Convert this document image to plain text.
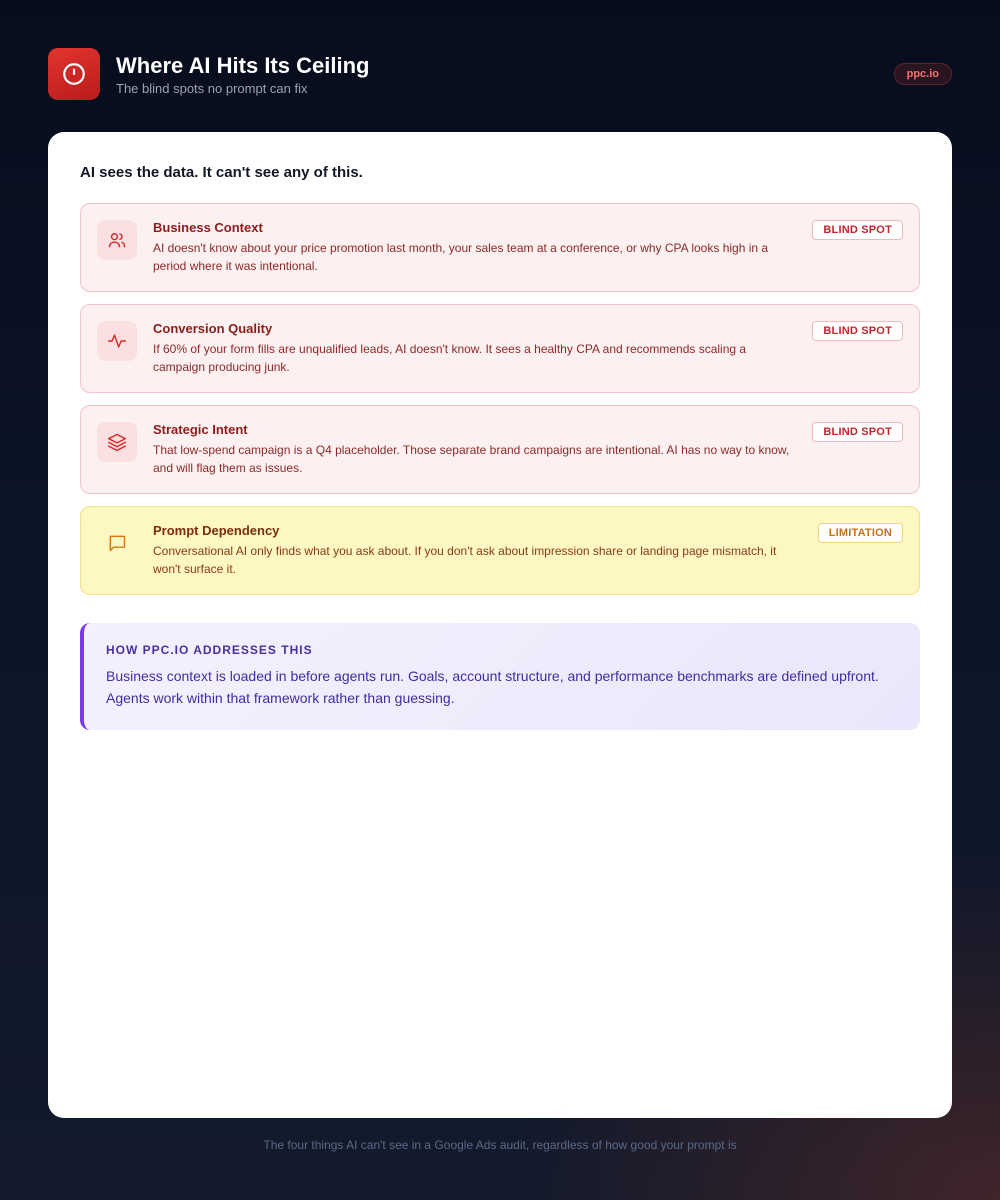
Where AI Hits Its Ceiling
The blind spots no prompt can fix
ppc.io
AI sees the data. It can't see any of this.
Business Context
AI doesn't know about your price promotion last month, your sales team at a conference, or why CPA looks high in a period where it was intentional.
BLIND SPOT
Conversion Quality
If 60% of your form fills are unqualified leads, AI doesn't know. It sees a healthy CPA and recommends scaling a campaign producing junk.
BLIND SPOT
Strategic Intent
That low-spend campaign is a Q4 placeholder. Those separate brand campaigns are intentional. AI has no way to know, and will flag them as issues.
BLIND SPOT
Prompt Dependency
Conversational AI only finds what you ask about. If you don't ask about impression share or landing page mismatch, it won't surface it.
LIMITATION
HOW PPC.IO ADDRESSES THIS
Business context is loaded in before agents run. Goals, account structure, and performance benchmarks are defined upfront. Agents work within that framework rather than guessing.
The four things AI can't see in a Google Ads audit, regardless of how good your prompt is
